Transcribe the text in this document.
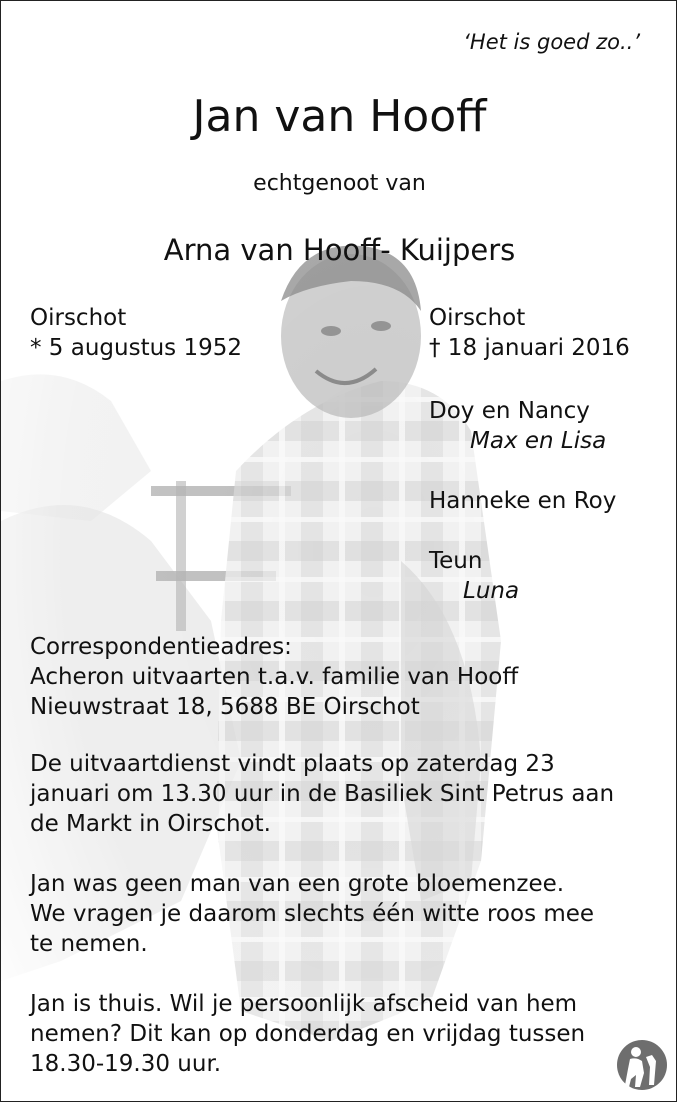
‘Het is goed zo..’
Jan van Hooff
echtgenoot van
Arna van Hooff- Kuijpers
Oirschot
* 5 augustus 1952
Oirschot
† 18 januari 2016
Doy en Nancy
Max en Lisa
Hanneke en Roy
Teun
Luna
Correspondentieadres:
Acheron uitvaarten t.a.v. familie van Hooff
Nieuwstraat 18, 5688 BE Oirschot
De uitvaartdienst vindt plaats op zaterdag 23
januari om 13.30 uur in de Basiliek Sint Petrus aan
de Markt in Oirschot.
Jan was geen man van een grote bloemenzee.
We vragen je daarom slechts één witte roos mee
te nemen.
Jan is thuis. Wil je persoonlijk afscheid van hem
nemen? Dit kan op donderdag en vrijdag tussen
18.30-19.30 uur.
